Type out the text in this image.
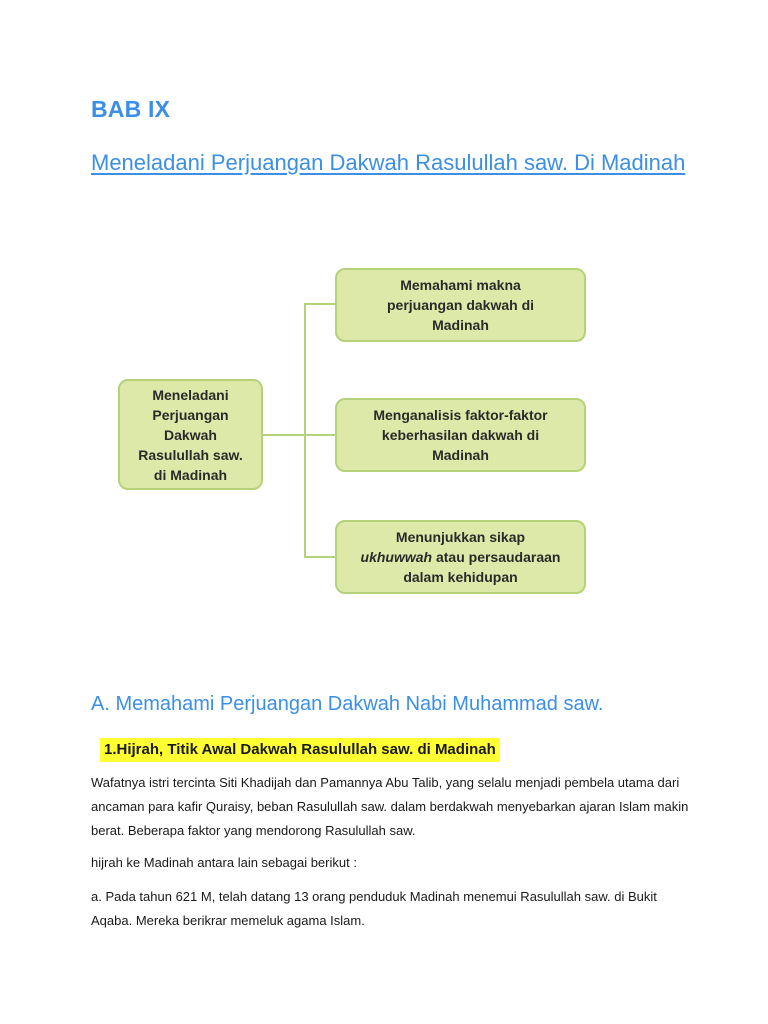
BAB IX
Meneladani Perjuangan Dakwah Rasulullah saw. Di Madinah
Meneladani
Perjuangan
Dakwah
Rasulullah saw.
di Madinah
Memahami makna
perjuangan dakwah di
Madinah
Menganalisis faktor-faktor
keberhasilan dakwah di
Madinah
Menunjukkan sikap
ukhuwwah atau persaudaraan
dalam kehidupan
A. Memahami Perjuangan Dakwah Nabi Muhammad saw.
1.Hijrah, Titik Awal Dakwah Rasulullah saw. di Madinah

Wafatnya istri tercinta Siti Khadijah dan Pamannya Abu Talib, yang selalu menjadi pembela utama dari ancaman para kafir Quraisy, beban Rasulullah saw. dalam berdakwah menyebarkan ajaran Islam makin berat. Beberapa faktor yang mendorong Rasulullah saw.

hijrah ke Madinah antara lain sebagai berikut :

a. Pada tahun 621 M, telah datang 13 orang penduduk Madinah menemui Rasulullah saw. di Bukit Aqaba. Mereka berikrar memeluk agama Islam.
